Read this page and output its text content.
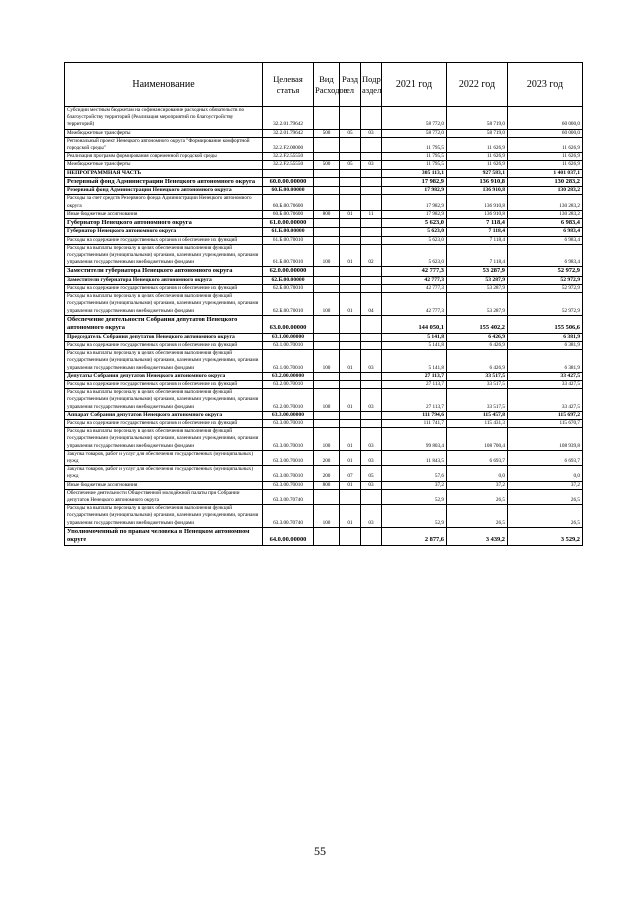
Наименование	Целевая статья	Вид Расходов	Разд ел	Подр аздел	2021 год	2022 год	2023 год
Субсидии местным бюджетам на софинансирование расходных обязательств по благоустройству территорий (Реализация мероприятий по благоустройству территорий)	32.2.01.79642				58 772,0	58 719,0	60 000,0
Межбюджетные трансферты	32.2.01.79642	500	05	03	58 772,0	58 719,0	60 000,0
Региональный проект Ненецкого автономного округа "Формирование комфортной городской среды"	32.2.F2.00000				11 795,5	11 626,9	11 626,9
Реализация программ формирования современной городской среды	32.2.F2.55550				11 795,5	11 626,9	11 626,9
Межбюджетные трансферты	32.2.F2.55550	500	05	03	11 795,5	11 626,9	11 626,9
НЕПРОГРАММНАЯ ЧАСТЬ					305 113,1	927 583,1	1 401 037,1
Резервный фонд Администрации Ненецкого автономного округа	60.0.00.00000				17 982,9	136 910,8	130 283,2
Резервный фонд Администрации Ненецкого автономного округа	60.Б.00.00000				17 982,9	136 910,8	130 283,2
Расходы за счет средств Резервного фонда Администрации Ненецкого автономного округа	60.Б.00.70600				17 982,9	136 910,8	130 283,2
Иные бюджетные ассигнования	60.Б.00.70600	800	01	11	17 982,9	136 910,8	130 283,2
Губернатор Ненецкого автономного округа	61.0.00.00000				5 623,0	7 118,4	6 983,4
Губернатор Ненецкого автономного округа	61.Б.00.00000				5 623,0	7 118,4	6 983,4
Расходы на содержание государственных органов и обеспечение их функций	61.Б.00.70010				5 623,0	7 118,4	6 983,4
Расходы на выплаты персоналу в целях обеспечения выполнения функций государственными (муниципальными) органами, казенными учреждениями, органами управления государственными внебюджетными фондами	61.Б.00.70010	100	01	02	5 623,0	7 118,4	6 983,4
Заместители губернатора Ненецкого автономного округа	62.0.00.00000				42 777,3	53 287,9	52 972,9
Заместители губернатора Ненецкого автономного округа	62.Б.00.00000				42 777,3	53 287,9	52 972,9
Расходы на содержание государственных органов и обеспечение их функций	62.Б.00.70010				42 777,3	53 287,9	52 972,9
Расходы на выплаты персоналу в целях обеспечения выполнения функций государственными (муниципальными) органами, казенными учреждениями, органами управления государственными внебюджетными фондами	62.Б.00.70010	100	01	04	42 777,3	53 287,9	52 972,9
Обеспечение деятельности Собрания депутатов Ненецкого автономного округа	63.0.00.00000				144 050,1	155 402,2	155 506,6
Председатель Собрания депутатов Ненецкого автономного округа	63.1.00.00000				5 141,8	6 426,9	6 381,9
Расходы на содержание государственных органов и обеспечение их функций	63.1.00.70010				5 141,8	6 426,9	6 381,9
Расходы на выплаты персоналу в целях обеспечения выполнения функций государственными (муниципальными) органами, казенными учреждениями, органами управления государственными внебюджетными фондами	63.1.00.70010	100	01	03	5 141,8	6 426,9	6 381,9
Депутаты Собрания депутатов Ненецкого автономного округа	63.2.00.00000				27 113,7	33 517,5	33 427,5
Расходы на содержание государственных органов и обеспечение их функций	63.2.00.70010				27 113,7	33 517,5	33 427,5
Расходы на выплаты персоналу в целях обеспечения выполнения функций государственными (муниципальными) органами, казенными учреждениями, органами управления государственными внебюджетными фондами	63.2.00.70010	100	01	03	27 113,7	33 517,5	33 427,5
Аппарат Собрания депутатов Ненецкого автономного округа	63.3.00.00000				111 794,6	115 457,8	115 697,2
Расходы на содержание государственных органов и обеспечение их функций	63.3.00.70010				111 741,7	115 431,3	115 670,7
Расходы на выплаты персоналу в целях обеспечения выполнения функций государственными (муниципальными) органами, казенными учреждениями, органами управления государственными внебюджетными фондами	63.3.00.70010	100	01	03	99 803,4	108 700,4	108 939,8
Закупка товаров, работ и услуг для обеспечения государственных (муниципальных) нужд	63.3.00.70010	200	01	03	11 843,5	6 693,7	6 693,7
Закупка товаров, работ и услуг для обеспечения государственных (муниципальных) нужд	63.3.00.70010	200	07	05	57,6	0,0	0,0
Иные бюджетные ассигнования	63.3.00.70010	800	01	03	37,2	37,2	37,2
Обеспечение деятельности Общественной молодёжной палаты при Собрании депутатов Ненецкого автономного округа	63.3.00.70740				52,9	26,5	26,5
Расходы на выплаты персоналу в целях обеспечения выполнения функций государственными (муниципальными) органами, казенными учреждениями, органами управления государственными внебюджетными фондами	63.3.00.70740	100	01	03	52,9	26,5	26,5
Уполномоченный по правам человека в Ненецком автономном округе	64.0.00.00000				2 877,6	3 439,2	3 529,2
55
